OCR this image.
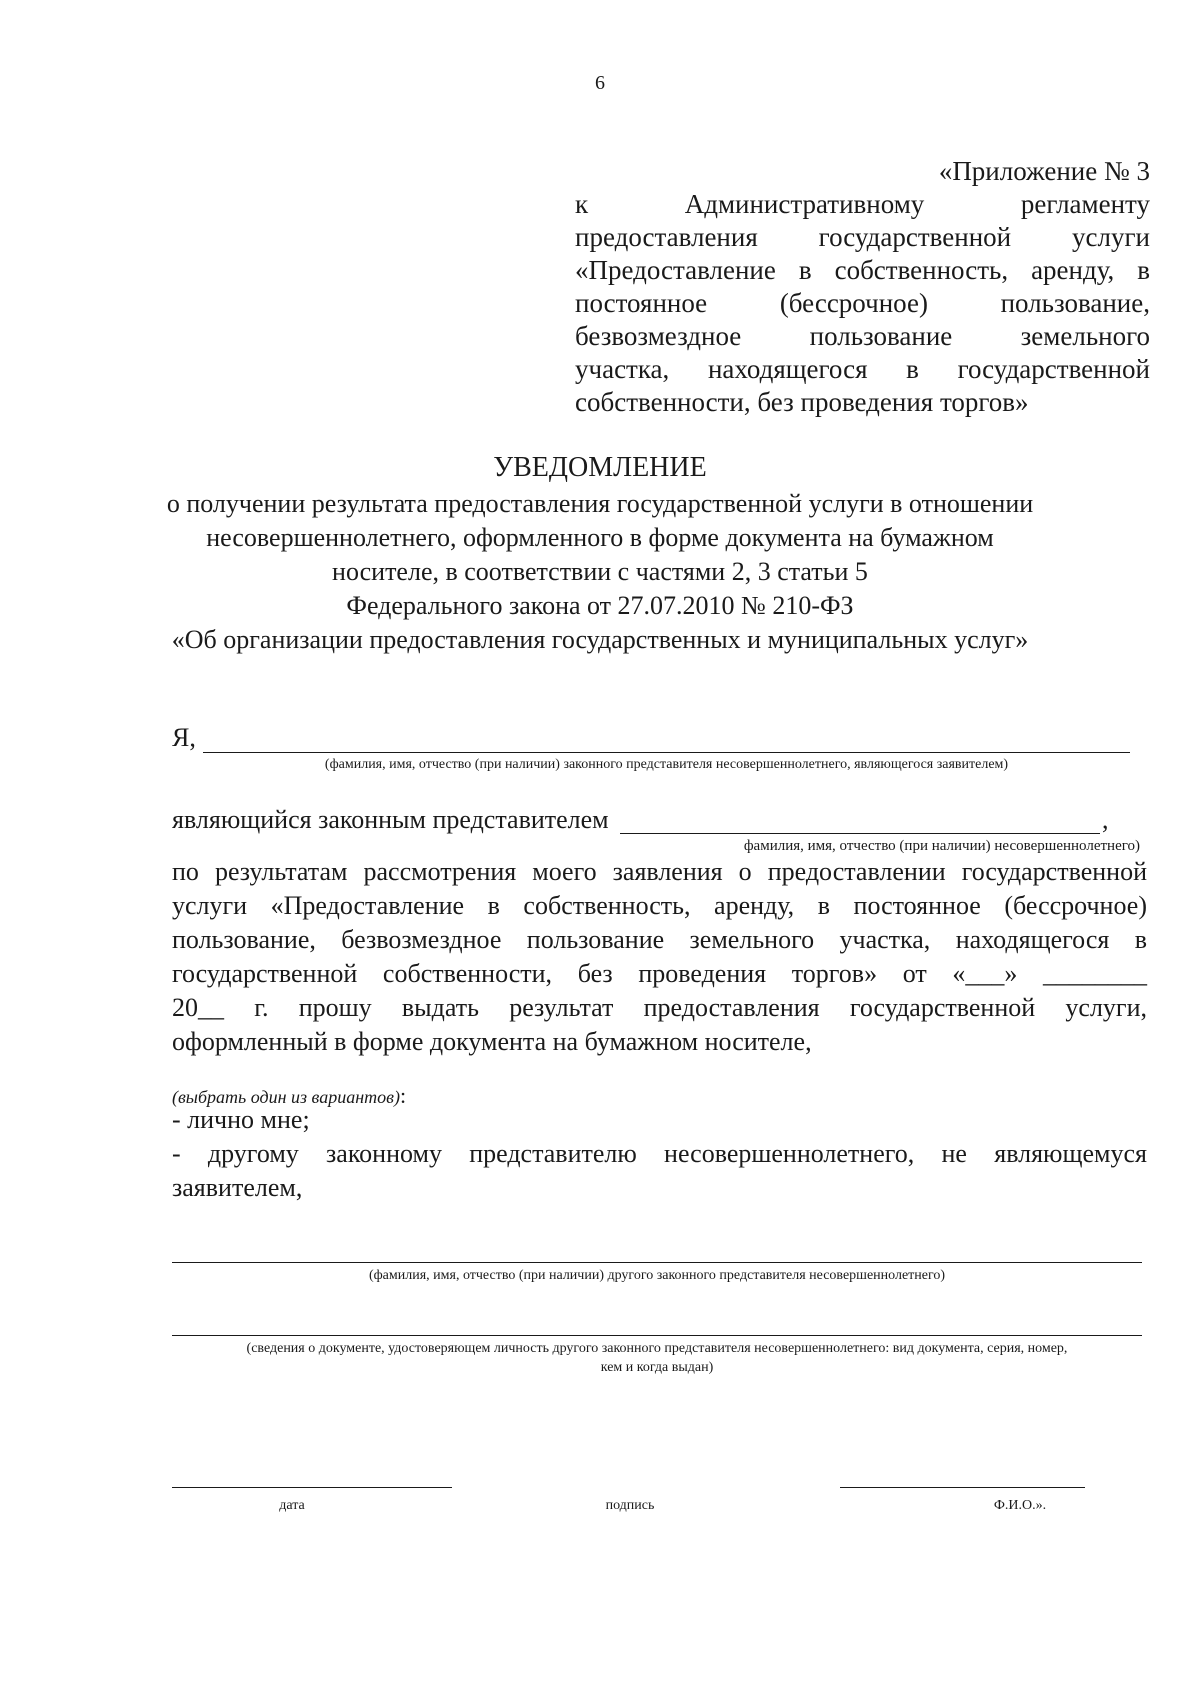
6
«Приложение № 3
к Административному регламенту
предоставления государственной услуги
«Предоставление в собственность, аренду, в
постоянное (бессрочное) пользование,
безвозмездное пользование земельного
участка, находящегося в государственной
собственности, без проведения торгов»
УВЕДОМЛЕНИЕ
о получении результата предоставления государственной услуги в отношении
несовершеннолетнего, оформленного в форме документа на бумажном
носителе, в соответствии с частями 2, 3 статьи 5
Федерального закона от 27.07.2010 № 210-ФЗ
«Об организации предоставления государственных и муниципальных услуг»
Я,
(фамилия, имя, отчество (при наличии) законного представителя несовершеннолетнего, являющегося заявителем)
являющийся законным представителем	,
фамилия, имя, отчество (при наличии) несовершеннолетнего)
по результатам рассмотрения моего заявления о предоставлении государственной
услуги «Предоставление в собственность, аренду, в постоянное (бессрочное)
пользование, безвозмездное пользование земельного участка, находящегося в
государственной собственности, без проведения торгов» от «___» ________
20__ г. прошу выдать результат предоставления государственной услуги,
оформленный в форме документа на бумажном носителе,
(выбрать один из вариантов):
- лично мне;
- другому законному представителю несовершеннолетнего, не являющемуся
заявителем,
(фамилия, имя, отчество (при наличии) другого законного представителя несовершеннолетнего)
(сведения о документе, удостоверяющем личность другого законного представителя несовершеннолетнего: вид документа, серия, номер,
кем и когда выдан)
дата	подпись	Ф.И.О.».
